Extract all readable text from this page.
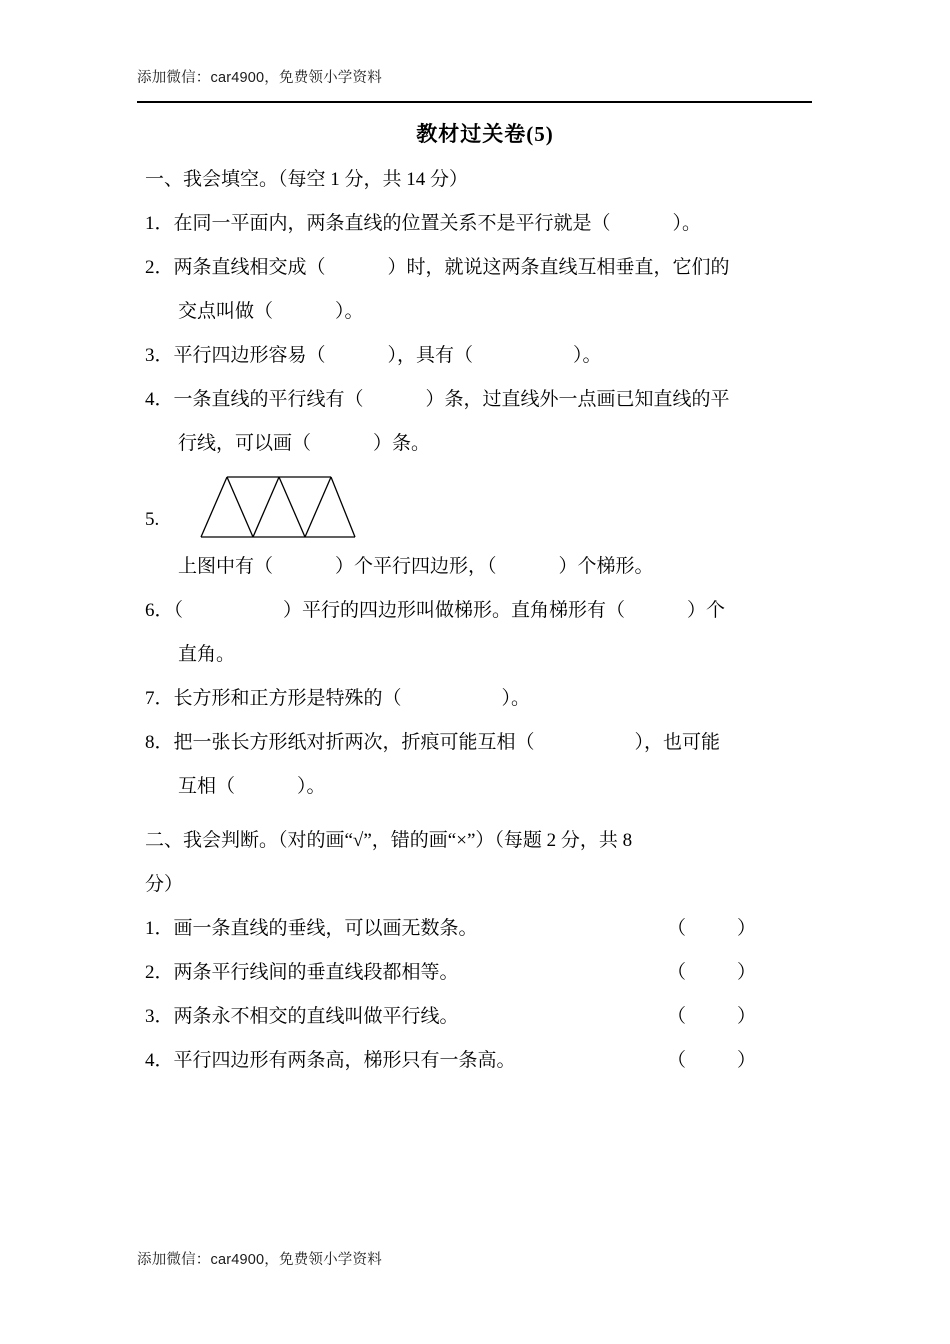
添加微信：car4900，免费领小学资料
教材过关卷(5)
一、我会填空。（每空 1 分，共 14 分）
1．在同一平面内，两条直线的位置关系不是平行就是（	）。
2．两条直线相交成（	）时，就说这两条直线互相垂直，它们的
交点叫做（	）。
3．平行四边形容易（	），具有（	）。
4．一条直线的平行线有（	）条，过直线外一点画已知直线的平
行线，可以画（	）条。
5.
上图中有（	）个平行四边形，（	）个梯形。
6．（	）平行的四边形叫做梯形。直角梯形有（	）个
直角。
7．长方形和正方形是特殊的（	）。
8．把一张长方形纸对折两次，折痕可能互相（	），也可能
互相（	）。
二、我会判断。（对的画“√”，错的画“×”）（每题 2 分，共 8
分）
1．画一条直线的垂线，可以画无数条。	（　）
2．两条平行线间的垂直线段都相等。	（　）
3．两条永不相交的直线叫做平行线。	（　）
4．平行四边形有两条高，梯形只有一条高。	（　）
添加微信：car4900，免费领小学资料
